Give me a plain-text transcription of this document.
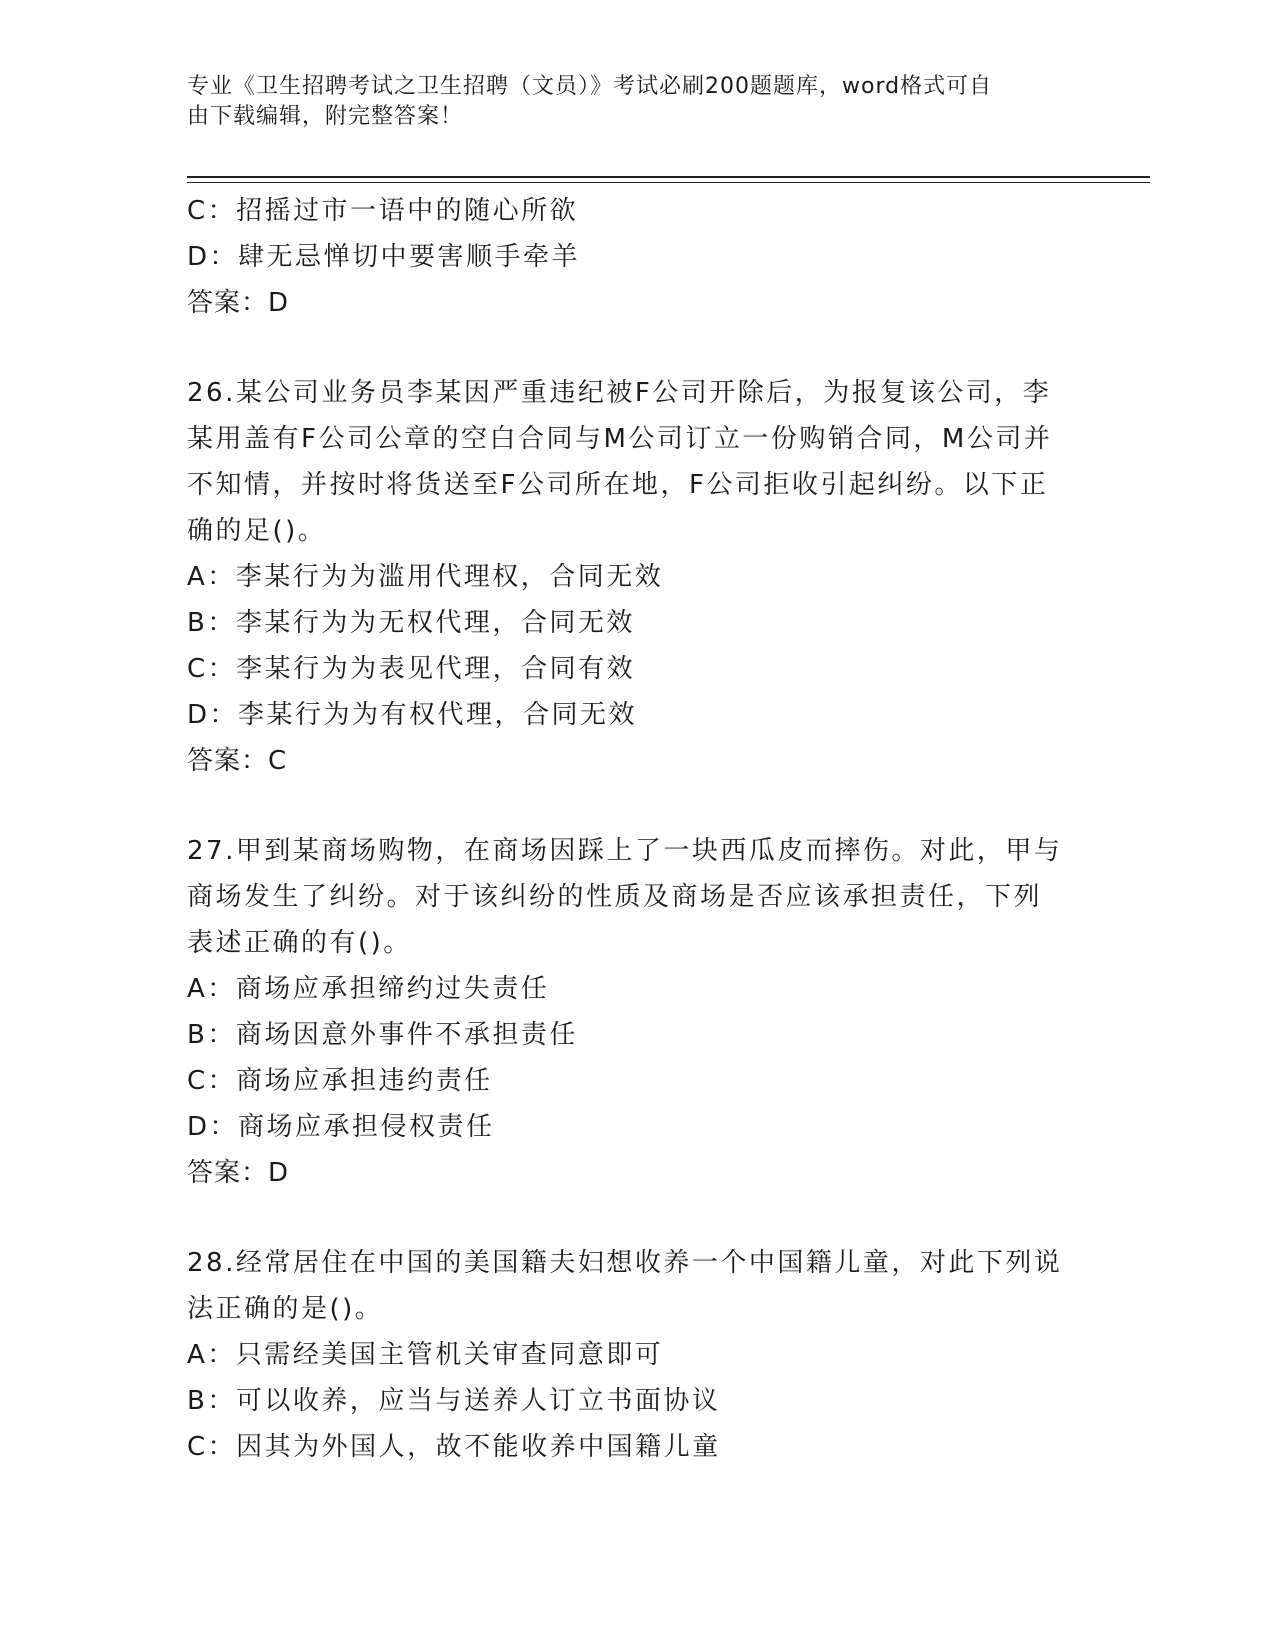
专业《卫生招聘考试之卫生招聘（文员）》考试必刷200题题库，word格式可自
由下载编辑，附完整答案！
C：招摇过市一语中的随心所欲
D：肆无忌惮切中要害顺手牵羊
答案：D
26.某公司业务员李某因严重违纪被F公司开除后，为报复该公司，李
某用盖有F公司公章的空白合同与M公司订立一份购销合同，M公司并
不知情，并按时将货送至F公司所在地，F公司拒收引起纠纷。以下正
确的足()。
A：李某行为为滥用代理权，合同无效
B：李某行为为无权代理，合同无效
C：李某行为为表见代理，合同有效
D：李某行为为有权代理，合同无效
答案：C
27.甲到某商场购物，在商场因踩上了一块西瓜皮而摔伤。对此，甲与
商场发生了纠纷。对于该纠纷的性质及商场是否应该承担责任，下列
表述正确的有()。
A：商场应承担缔约过失责任
B：商场因意外事件不承担责任
C：商场应承担违约责任
D：商场应承担侵权责任
答案：D
28.经常居住在中国的美国籍夫妇想收养一个中国籍儿童，对此下列说
法正确的是()。
A：只需经美国主管机关审查同意即可
B：可以收养，应当与送养人订立书面协议
C：因其为外国人，故不能收养中国籍儿童
